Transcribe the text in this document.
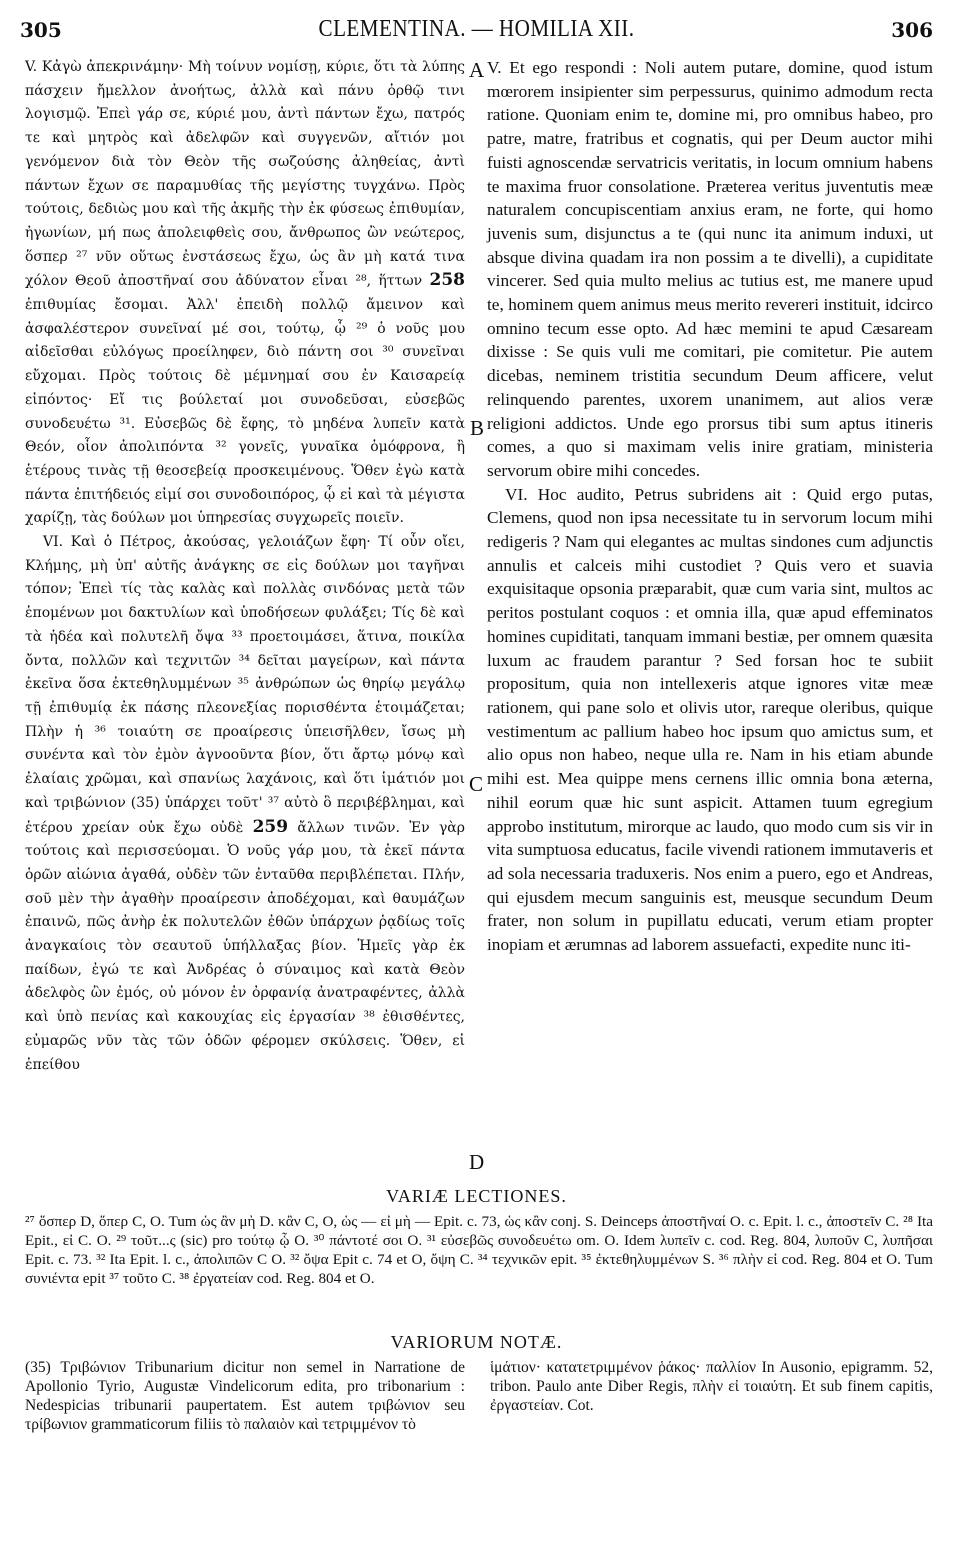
305	CLEMENTINA. — HOMILIA XII.	306

V. Κἀγὼ ἀπεκρινάμην· Μὴ τοίνυν νομίσῃ, κύριε, ὅτι τὰ λύπης πάσχειν ἤμελλον ἀνοήτως, ἀλλὰ καὶ πάνυ ὀρθῷ τινι λογισμῷ. Ἐπεὶ γάρ σε, κύριέ μου, ἀντὶ πάντων ἔχω, πατρός τε καὶ μητρὸς καὶ ἀδελφῶν καὶ συγγενῶν, αἴτιόν μοι γενόμενον διὰ τὸν Θεὸν τῆς σωζούσης ἀληθείας, ἀντὶ πάντων ἔχων σε παραμυθίας τῆς μεγίστης τυγχάνω. Πρὸς τούτοις, δεδιὼς μου καὶ τῆς ἀκμῆς τὴν ἐκ φύσεως ἐπιθυμίαν, ἠγωνίων, μή πως ἀπολειφθεὶς σου, ἄνθρωπος ὢν νεώτερος, ὅσπερ ²⁷ νῦν οὕτως ἐνστάσεως ἔχω, ὡς ἂν μὴ κατά τινα χόλον Θεοῦ ἀποστῆναί σου ἀδύνατον εἶναι ²⁸, ἥττων 258 ἐπιθυμίας ἔσομαι. Ἀλλ' ἐπειδὴ πολλῷ ἄμεινον καὶ ἀσφαλέστερον συνεῖναί μέ σοι, τούτῳ, ᾧ ²⁹ ὁ νοῦς μου αἰδεῖσθαι εὐλόγως προείληφεν, διὸ πάντη σοι ³⁰ συνεῖναι εὔχομαι. Πρὸς τούτοις δὲ μέμνημαί σου ἐν Καισαρείᾳ εἰπόντος· Εἴ τις βούλεταί μοι συνοδεῦσαι, εὐσεβῶς συνοδευέτω ³¹. Εὐσεβῶς δὲ ἔφης, τὸ μηδένα λυπεῖν κατὰ Θεόν, οἷον ἀπολιπόντα ³² γονεῖς, γυναῖκα ὁμόφρονα, ἢ ἑτέρους τινὰς τῇ θεοσεβείᾳ προσκειμένους. Ὅθεν ἐγὼ κατὰ πάντα ἐπιτήδειός εἰμί σοι συνοδοιπόρος, ᾧ εἰ καὶ τὰ μέγιστα χαρίζῃ, τὰς δούλων μοι ὑπηρεσίας συγχωρεῖς ποιεῖν.

VI. Καὶ ὁ Πέτρος, ἀκούσας, γελοιάζων ἔφη· Τί οὖν οἴει, Κλήμης, μὴ ὑπ' αὐτῆς ἀνάγκης σε εἰς δούλων μοι ταγῆναι τόπον; Ἐπεὶ τίς τὰς καλὰς καὶ πολλὰς σινδόνας μετὰ τῶν ἑπομένων μοι δακτυλίων καὶ ὑποδήσεων φυλάξει; Τίς δὲ καὶ τὰ ἡδέα καὶ πολυτελῆ ὄψα ³³ προετοιμάσει, ἅτινα, ποικίλα ὄντα, πολλῶν καὶ τεχνιτῶν ³⁴ δεῖται μαγείρων, καὶ πάντα ἐκεῖνα ὅσα ἐκτεθηλυμμένων ³⁵ ἀνθρώπων ὡς θηρίῳ μεγάλῳ τῇ ἐπιθυμίᾳ ἐκ πάσης πλεονεξίας πορισθέντα ἑτοιμάζεται; Πλὴν ἡ ³⁶ τοιαύτη σε προαίρεσις ὑπεισῆλθεν, ἴσως μὴ συνέντα καὶ τὸν ἐμὸν ἀγνοοῦντα βίον, ὅτι ἄρτῳ μόνῳ καὶ ἐλαίαις χρῶμαι, καὶ σπανίως λαχάνοις, καὶ ὅτι ἱμάτιόν μοι καὶ τριβώνιον (35) ὑπάρχει τοῦτ' ³⁷ αὐτὸ ὃ περιβέβλημαι, καὶ ἑτέρου χρείαν οὐκ ἔχω οὐδὲ 259 ἄλλων τινῶν. Ἐν γὰρ τούτοις καὶ περισσεύομαι. Ὁ νοῦς γάρ μου, τὰ ἐκεῖ πάντα ὁρῶν αἰώνια ἀγαθά, οὐδὲν τῶν ἐνταῦθα περιβλέπεται. Πλήν, σοῦ μὲν τὴν ἀγαθὴν προαίρεσιν ἀποδέχομαι, καὶ θαυμάζων ἐπαινῶ, πῶς ἀνὴρ ἐκ πολυτελῶν ἐθῶν ὑπάρχων ῥᾳδίως τοῖς ἀναγκαίοις τὸν σεαυτοῦ ὑπήλλαξας βίον. Ἡμεῖς γὰρ ἐκ παίδων, ἐγώ τε καὶ Ἀνδρέας ὁ σύναιμος καὶ κατὰ Θεὸν ἀδελφὸς ὢν ἐμός, οὐ μόνον ἐν ὀρφανίᾳ ἀνατραφέντες, ἀλλὰ καὶ ὑπὸ πενίας καὶ κακουχίας εἰς ἐργασίαν ³⁸ ἐθισθέντες, εὐμαρῶς νῦν τὰς τῶν ὁδῶν φέρομεν σκύλσεις. Ὅθεν, εἰ ἐπείθου

A
B
C
D

V. Et ego respondi : Noli autem putare, domine, quod istum mœrorem insipienter sim perpessurus, quinimo admodum recta ratione. Quoniam enim te, domine mi, pro omnibus habeo, pro patre, matre, fratribus et cognatis, qui per Deum auctor mihi fuisti agnoscendæ servatricis veritatis, in locum omnium habens te maxima fruor consolatione. Præterea veritus juventutis meæ naturalem concupiscentiam anxius eram, ne forte, qui homo juvenis sum, disjunctus a te (qui nunc ita animum induxi, ut absque divina quadam ira non possim a te divelli), a cupiditate vincerer. Sed quia multo melius ac tutius est, me manere upud te, hominem quem animus meus merito revereri instituit, idcirco omnino tecum esse opto. Ad hæc memini te apud Cæsaream dixisse : Se quis vuli me comitari, pie comitetur. Pie autem dicebas, neminem tristitia secundum Deum afficere, velut relinquendo parentes, uxorem unanimem, aut alios veræ religioni addictos. Unde ego prorsus tibi sum aptus itineris comes, a quo si maximam velis inire gratiam, ministeria servorum obire mihi concedes.

VI. Hoc audito, Petrus subridens ait : Quid ergo putas, Clemens, quod non ipsa necessitate tu in servorum locum mihi redigeris ? Nam qui elegantes ac multas sindones cum adjunctis annulis et calceis mihi custodiet ? Quis vero et suavia exquisitaque opsonia præparabit, quæ cum varia sint, multos ac peritos postulant coquos : et omnia illa, quæ apud effeminatos homines cupiditati, tanquam immani bestiæ, per omnem quæsita luxum ac fraudem parantur ? Sed forsan hoc te subiit propositum, quia non intellexeris atque ignores vitæ meæ rationem, qui pane solo et olivis utor, rareque oleribus, quique vestimentum ac pallium habeo hoc ipsum quo amictus sum, et alio opus non habeo, neque ulla re. Nam in his etiam abunde mihi est. Mea quippe mens cernens illic omnia bona æterna, nihil eorum quæ hic sunt aspicit. Attamen tuum egregium approbo institutum, mirorque ac laudo, quo modo cum sis vir in vita sumptuosa educatus, facile vivendi rationem immutaveris et ad sola necessaria traduxeris. Nos enim a puero, ego et Andreas, qui ejusdem mecum sanguinis est, meusque secundum Deum frater, non solum in pupillatu educati, verum etiam propter inopiam et ærumnas ad laborem assuefacti, expedite nunc iti-

VARIÆ LECTIONES.
²⁷ ὅσπερ D, ὅπερ C, O. Tum ὡς ἂν μὴ D. κἂν C, O, ὡς — εἰ μὴ — Epit. c. 73, ὡς κἂν conj. S. Deinceps ἀποστῆναί O. c. Epit. l. c., ἀποστεῖν C. ²⁸ Ita Epit., εἰ C. O. ²⁹ τοῦτ...ς (sic) pro τούτῳ ᾧ O. ³⁰ πάντοτέ σοι O. ³¹ εὐσεβῶς συνοδευέτω om. O. Idem λυπεῖν c. cod. Reg. 804, λυποῦν C, λυπῆσαι Epit. c. 73. ³² Ita Epit. l. c., ἀπολιπῶν C O. ³² ὄψα Epit c. 74 et O, ὄψη C. ³⁴ τεχνικῶν epit. ³⁵ ἐκτεθηλυμμένων S. ³⁶ πλὴν εἰ cod. Reg. 804 et O. Tum συνιέντα epit ³⁷ τοῦτο C. ³⁸ ἐργατείαν cod. Reg. 804 et O.
VARIORUM NOTÆ.
(35) Τριβώνιον Tribunarium dicitur non semel in Narratione de Apollonio Tyrio, Augustæ Vindelicorum edita, pro tribonarium : Nedespicias tribunarii paupertatem. Est autem τριβώνιον seu τρίβωνιον grammaticorum filiis τὸ παλαιὸν καὶ τετριμμένον τὸ
ἱμάτιον· κατατετριμμένον ῥάκος· παλλίον In Ausonio, epigramm. 52, tribon. Paulo ante Diber Regis, πλὴν εἰ τοιαύτη. Et sub finem capitis, ἐργαστείαν. Cot.
